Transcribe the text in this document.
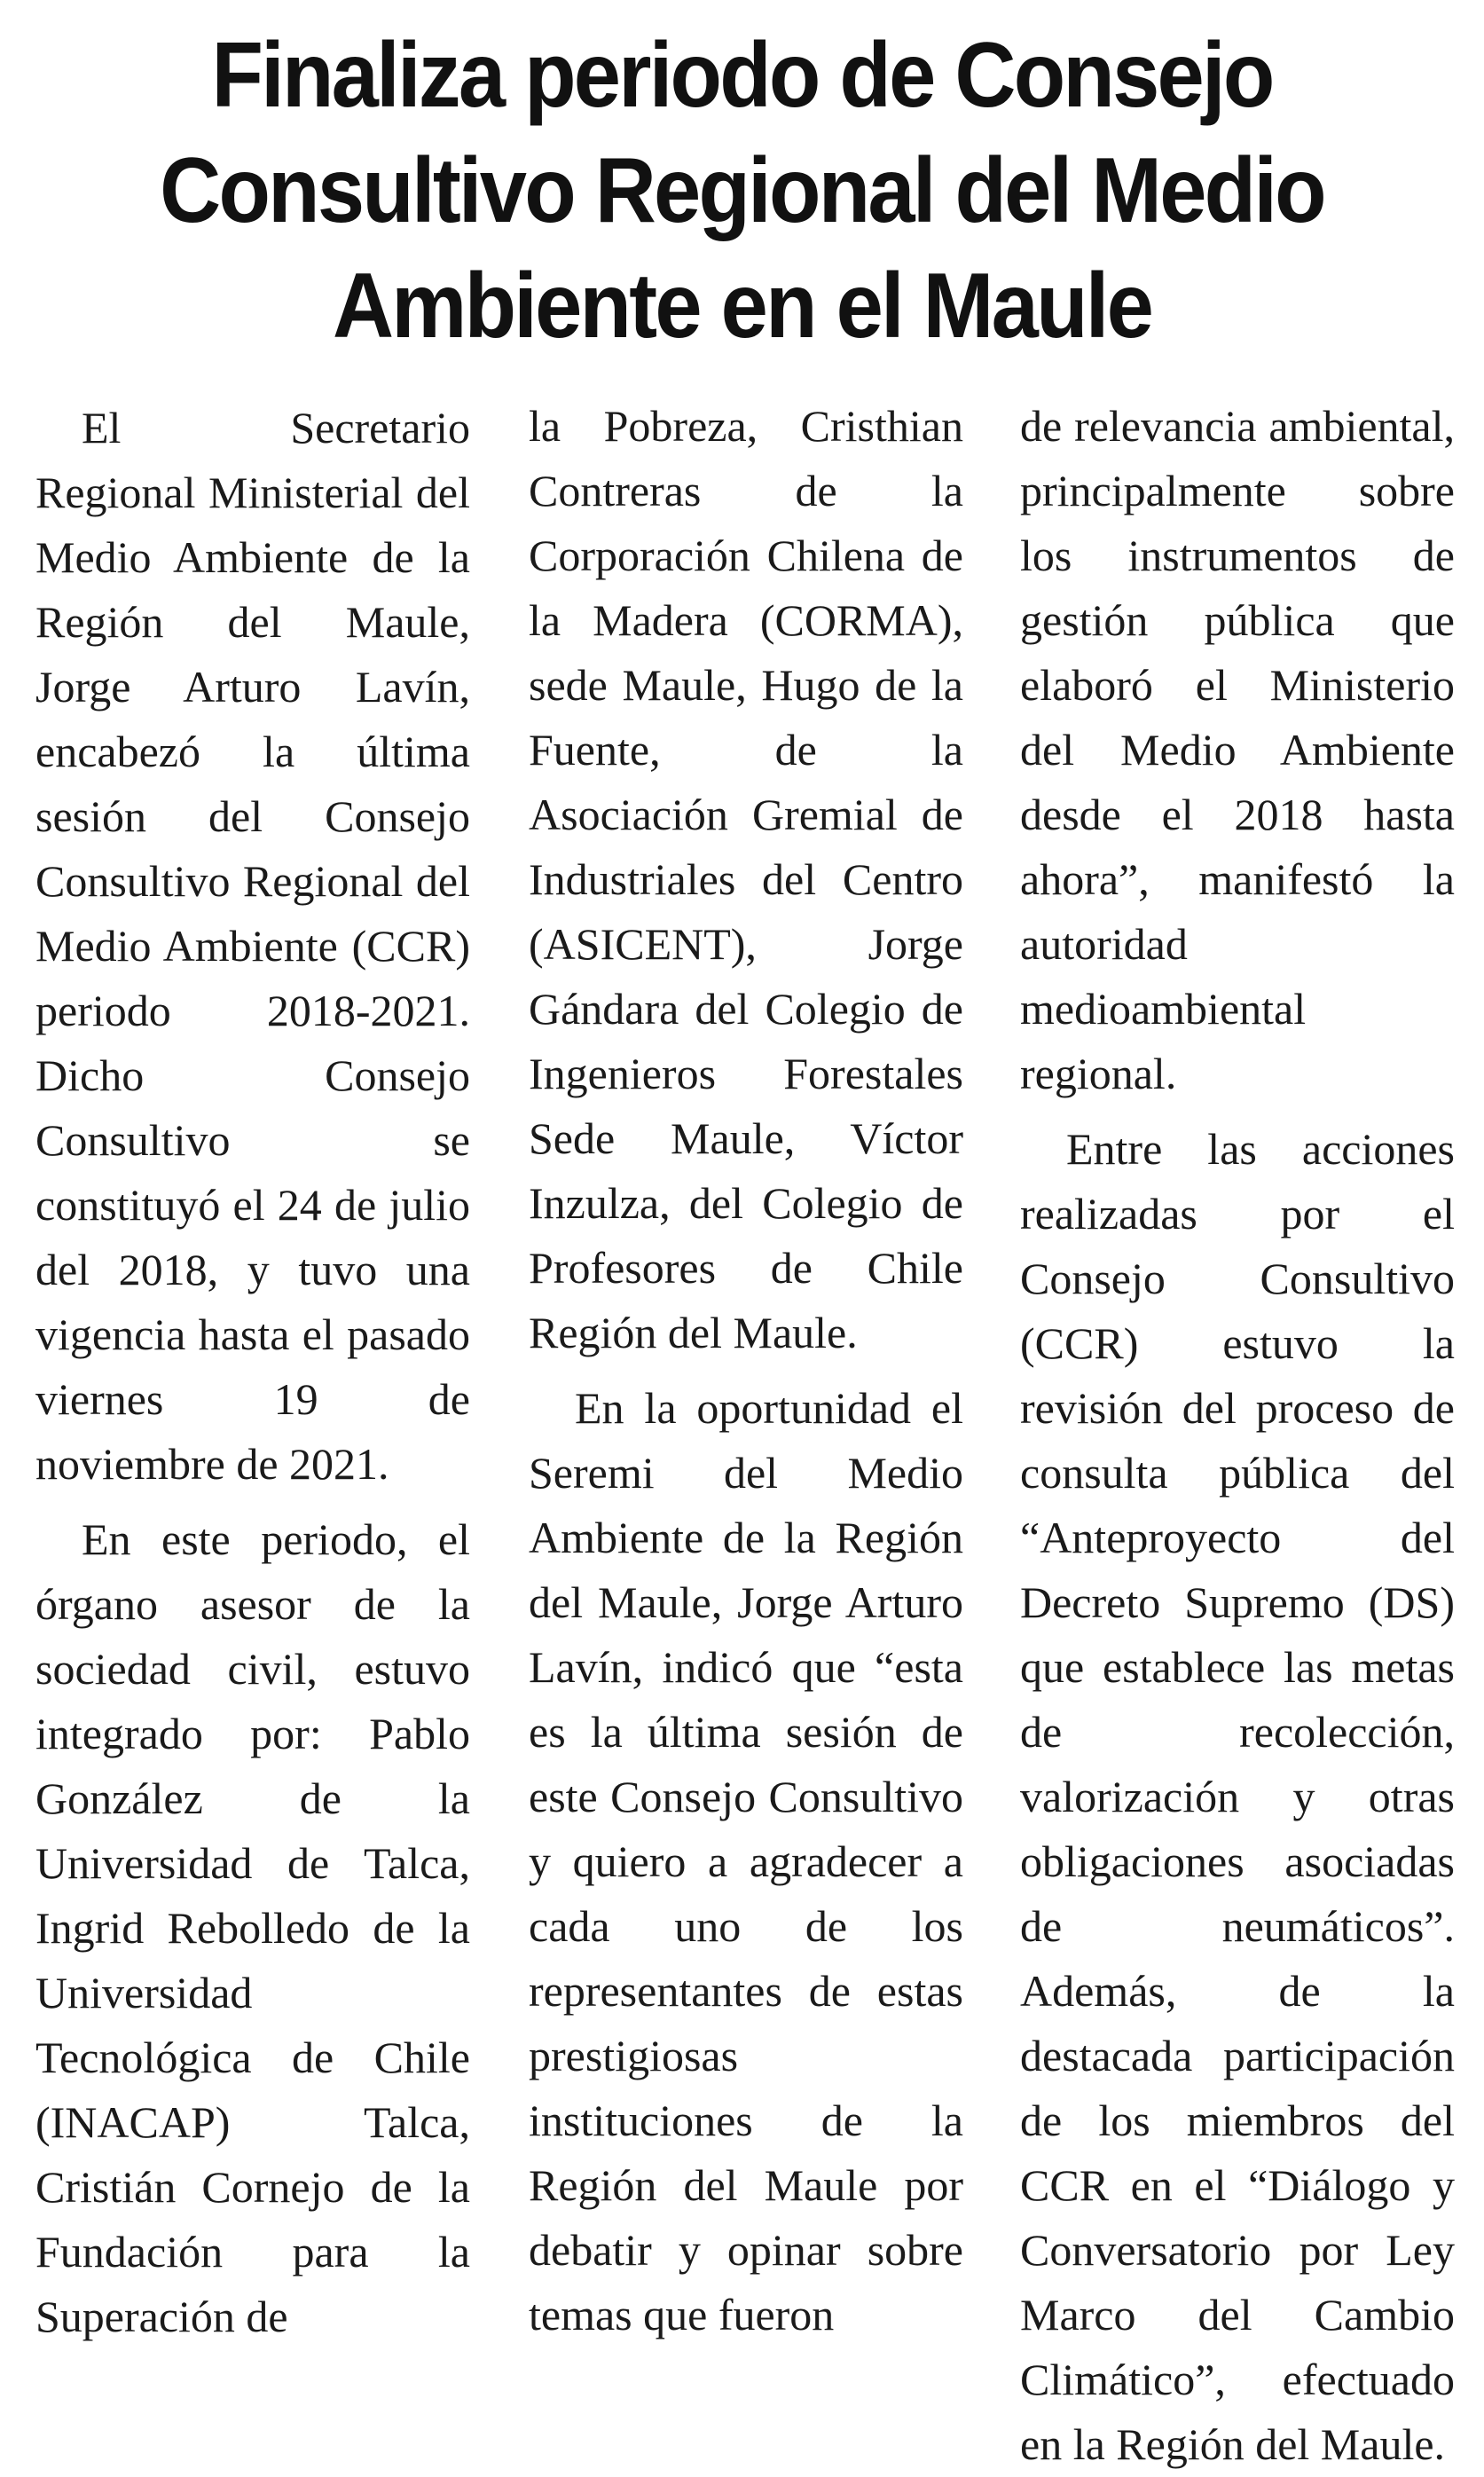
Finaliza periodo de Consejo
Consultivo Regional del Medio
Ambiente en el Maule

El Secretario Regional Ministerial del Medio Ambiente de la Región del Maule, Jorge Arturo Lavín, encabezó la última sesión del Consejo Consultivo Regional del Medio Ambiente (CCR) periodo 2018-2021. Dicho Consejo Consultivo se constituyó el 24 de julio del 2018, y tuvo una vigencia hasta el pasado viernes 19 de noviembre de 2021.

En este periodo, el órgano asesor de la sociedad civil, estuvo integrado por: Pablo González de la Universidad de Talca, Ingrid Rebolledo de la Universidad Tecnológica de Chile (INACAP) Talca, Cristián Cornejo de la Fundación para la Superación de

la Pobreza, Cristhian Contreras de la Corporación Chilena de la Madera (CORMA), sede Maule, Hugo de la Fuente, de la Asociación Gremial de Industriales del Centro (ASICENT), Jorge Gándara del Colegio de Ingenieros Forestales Sede Maule, Víctor Inzulza, del Colegio de Profesores de Chile Región del Maule.

En la oportunidad el Seremi del Medio Ambiente de la Región del Maule, Jorge Arturo Lavín, indicó que “esta es la última sesión de este Consejo Consultivo y quiero a agradecer a cada uno de los representantes de estas prestigiosas instituciones de la Región del Maule por debatir y opinar sobre temas que fueron

de relevancia ambiental, principalmente sobre los instrumentos de gestión pública que elaboró el Ministerio del Medio Ambiente desde el 2018 hasta ahora”, manifestó la autoridad medioambiental regional.

Entre las acciones realizadas por el Consejo Consultivo (CCR) estuvo la revisión del proceso de consulta pública del “Anteproyecto del Decreto Supremo (DS) que establece las metas de recolección, valorización y otras obligaciones asociadas de neumáticos”. Además, de la destacada participación de los miembros del CCR en el “Diálogo y Conversatorio por Ley Marco del Cambio Climático”, efectuado en la Región del Maule.
